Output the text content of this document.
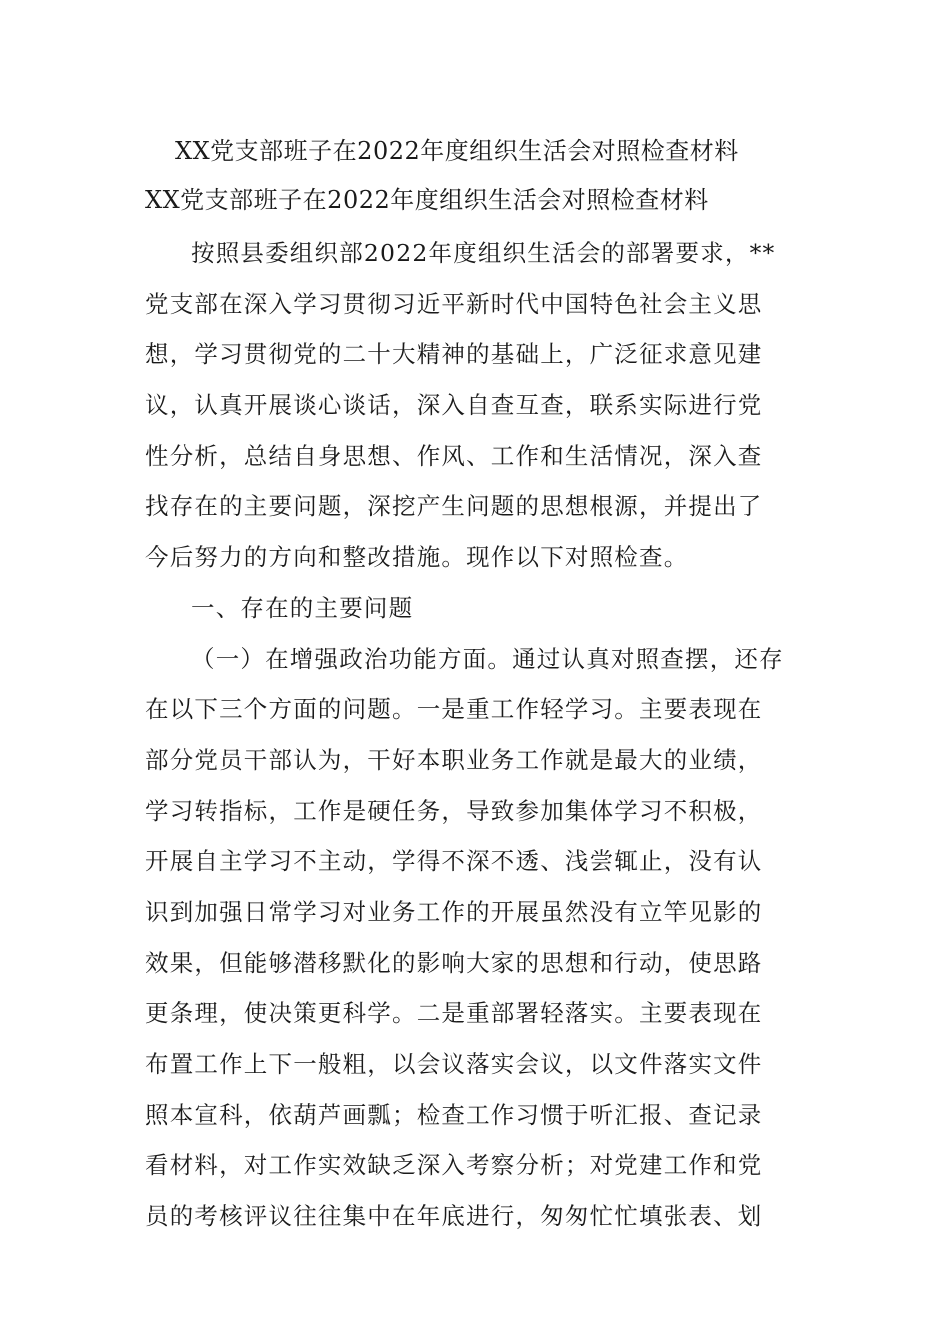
XX党支部班子在2022年度组织生活会对照检查材料
XX党支部班子在2022年度组织生活会对照检查材料
按照县委组织部2022年度组织生活会的部署要求，**
党支部在深入学习贯彻习近平新时代中国特色社会主义思
想，学习贯彻党的二十大精神的基础上，广泛征求意见建
议，认真开展谈心谈话，深入自查互查，联系实际进行党
性分析，总结自身思想、作风、工作和生活情况，深入查
找存在的主要问题，深挖产生问题的思想根源，并提出了
今后努力的方向和整改措施。现作以下对照检查。
一、存在的主要问题
（一）在增强政治功能方面。通过认真对照查摆，还存
在以下三个方面的问题。一是重工作轻学习。主要表现在
部分党员干部认为，干好本职业务工作就是最大的业绩，
学习转指标，工作是硬任务，导致参加集体学习不积极，
开展自主学习不主动，学得不深不透、浅尝辄止，没有认
识到加强日常学习对业务工作的开展虽然没有立竿见影的
效果，但能够潜移默化的影响大家的思想和行动，使思路
更条理，使决策更科学。二是重部署轻落实。主要表现在
布置工作上下一般粗，以会议落实会议，以文件落实文件
照本宣科，依葫芦画瓢；检查工作习惯于听汇报、查记录
看材料，对工作实效缺乏深入考察分析；对党建工作和党
员的考核评议往往集中在年底进行，匆匆忙忙填张表、划
